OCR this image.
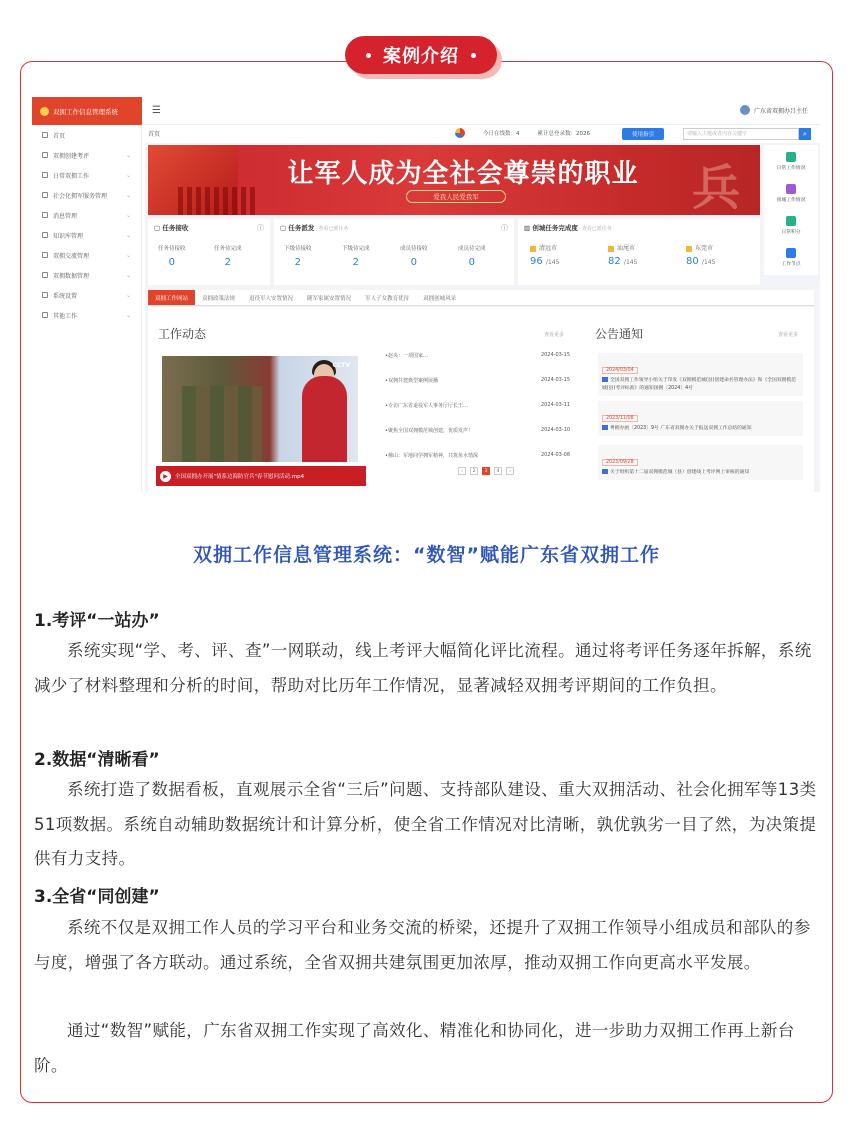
案例介绍
双拥工作信息管理系统	☰	广东省双拥办吕主任
首页
双拥创建考评	⌄
日常双拥工作	⌄
社会化拥军服务管理	⌄
消息管理	⌄
知识库管理	⌄
双拥交流管理	⌄
双拥数据管理	⌄
系统设置	⌄
其他工作	⌄
首页	今日在线数：4	累计总登录数：2026	使用指引	请输入主题或者内容关键字	⌕
让军人成为全社会尊崇的职业
爱我人民爱我军	兵	日常工作情况
创城工作情况
日常积分
工作节点
▢ 任务接收	ⓘ
任务待接收
0
任务待完成
2
▢ 任务派发 查看已派任务	ⓘ
下级待接收
2
下级待完成
2
成员待接收
0
成员待完成
0
▥ 创城任务完成度 查看已派任务
清远市
96 /145
汕尾市
82 /145
东莞市
80 /145
双拥工作网站	双拥政策法规	退役军人安置情况	随军家属安置情况	军人子女教育优待	双拥创城风采
工作动态	查看更多
CCTV
▶	全国双拥办开展"情系边海防官兵"春节慰问活动.mp4
•赵央：一项国家…	2024-03-15
•双拥共建典型案例展播	2024-03-15
•专访广东省退役军人事务厅厅长王…	2024-03-11
•聚焦全国双拥模范城创建，优质发声！	2024-03-10
•佛山：军地同学拥军精神，共筑鱼水情深	2024-03-08
‹	2	3	4	›
公告通知	查看更多
2024/03/04
全国双拥工作领导小组关于印发《双拥模范城(县)创建命名管理办法》和《全国双拥模范城(县)考评标准》的通知国拥〔2024〕4号
2023/11/08
粤拥办函〔2023〕9号 广东省双拥办关于报送双拥工作总结的通知
2023/09/28
关于组织第十二届双拥模范城（县）创建线上考评网上审核的通知
双拥工作信息管理系统：“数智”赋能广东省双拥工作
1.考评“一站办”
系统实现“学、考、评、查”一网联动，线上考评大幅简化评比流程。通过将考评任务逐年拆解，系统减少了材料整理和分析的时间，帮助对比历年工作情况，显著减轻双拥考评期间的工作负担。
2.数据“清晰看”
系统打造了数据看板，直观展示全省“三后”问题、支持部队建设、重大双拥活动、社会化拥军等13类51项数据。系统自动辅助数据统计和计算分析，使全省工作情况对比清晰，孰优孰劣一目了然，为决策提供有力支持。
3.全省“同创建”
系统不仅是双拥工作人员的学习平台和业务交流的桥梁，还提升了双拥工作领导小组成员和部队的参与度，增强了各方联动。通过系统，全省双拥共建氛围更加浓厚，推动双拥工作向更高水平发展。
通过“数智”赋能，广东省双拥工作实现了高效化、精准化和协同化，进一步助力双拥工作再上新台阶。
